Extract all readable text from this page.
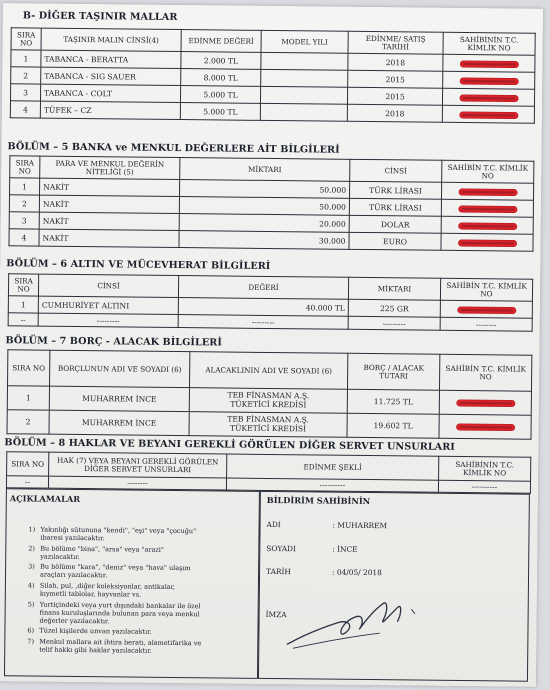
B- DİĞER TAŞINIR MALLAR
SIRA NO	TAŞINIR MALIN CİNSİ(4)	EDİNME DEĞERİ	MODEL YILI	EDİNME/ SATIŞ TARİHİ	SAHİBİNİN T.C. KİMLİK NO
1	TABANCA - BERATTA	2.000 TL		2018	
2	TABANCA - SIG SAUER	8.000 TL		2015	
3	TABANCA - COLT	5.000 TL		2015	
4	TÜFEK – CZ	5.000 TL		2018	
BÖLÜM – 5 BANKA ve MENKUL DEĞERLERE AİT BİLGİLERİ
SIRA NO	PARA VE MENKUL DEĞERİN NİTELİĞİ (5)	MİKTARI	CİNSİ	SAHİBİN T.C. KİMLİK NO
1	NAKİT	50.000	TÜRK LİRASI	
2	NAKİT	50.000	TÜRK LİRASI	
3	NAKİT	20.000	DOLAR	
4	NAKİT	30.000	EURO	
BÖLÜM – 6 ALTIN VE MÜCEVHERAT BİLGİLERİ
SIRA NO	CİNSİ	DEĞERİ	MİKTARI	SAHİBİN T.C. KİMLİK NO
1	CUMHURİYET ALTINI	40.000 TL	225 GR	
--	---------	---------	---------	--------
BÖLÜM – 7 BORÇ - ALACAK BİLGİLERİ
SIRA NO	BORÇLUNUN ADI VE SOYADI (6)	ALACAKLININ ADI VE SOYADI (6)	BORÇ / ALACAK TUTARI	SAHİBİN T.C. KİMLİK NO
1	MUHARREM İNCE	TEB FİNASMAN A.Ş.
TÜKETİCİ KREDİSİ	11.725 TL	
2	MUHARREM İNCE	TEB FİNASMAN A.Ş.
TÜKETİCİ KREDİSİ	19.602 TL	
BÖLÜM – 8 HAKLAR VE BEYANI GEREKLİ GÖRÜLEN DİĞER SERVET UNSURLARI
SIRA NO	HAK (7) VEYA BEYANI GEREKLİ GÖRÜLEN DİĞER SERVET UNSURLARI	EDİNME ŞEKLİ	SAHİBİNİN T.C. KİMLİK NO
--	--------	----------	----------
AÇIKLAMALAR
1) Yakınlığı sütununa "kendi", "eşi" veya "çocuğu"
ibaresi yazılacaktır.
2) Bu bölüme "bina", "arsa" veya "arazi"
yazılacaktır.
3) Bu bölüme "kara", "deniz" veya "hava" ulaşım
araçları yazılacaktır.
4) Silah, pul, ,diğer koleksiyonlar, antikalar,
kıymetli tablolar, hayvanlar vs.
5) Yurtiçindeki veya yurt dışındaki bankalar ile özel
finans kuruluşlarında bulunan para veya menkul
değerler yazılacaktır.
6) Tüzel kişilerde unvan yazılacaktır.
7) Menkul mallara ait ihtira beratı, alametifarika ve
telif hakkı gibi haklar yazılacaktır.
BİLDİRİM SAHİBİNİN
ADI	: MUHARREM
SOYADI	: İNCE
TARİH	: 04/05/ 2018
İMZA
